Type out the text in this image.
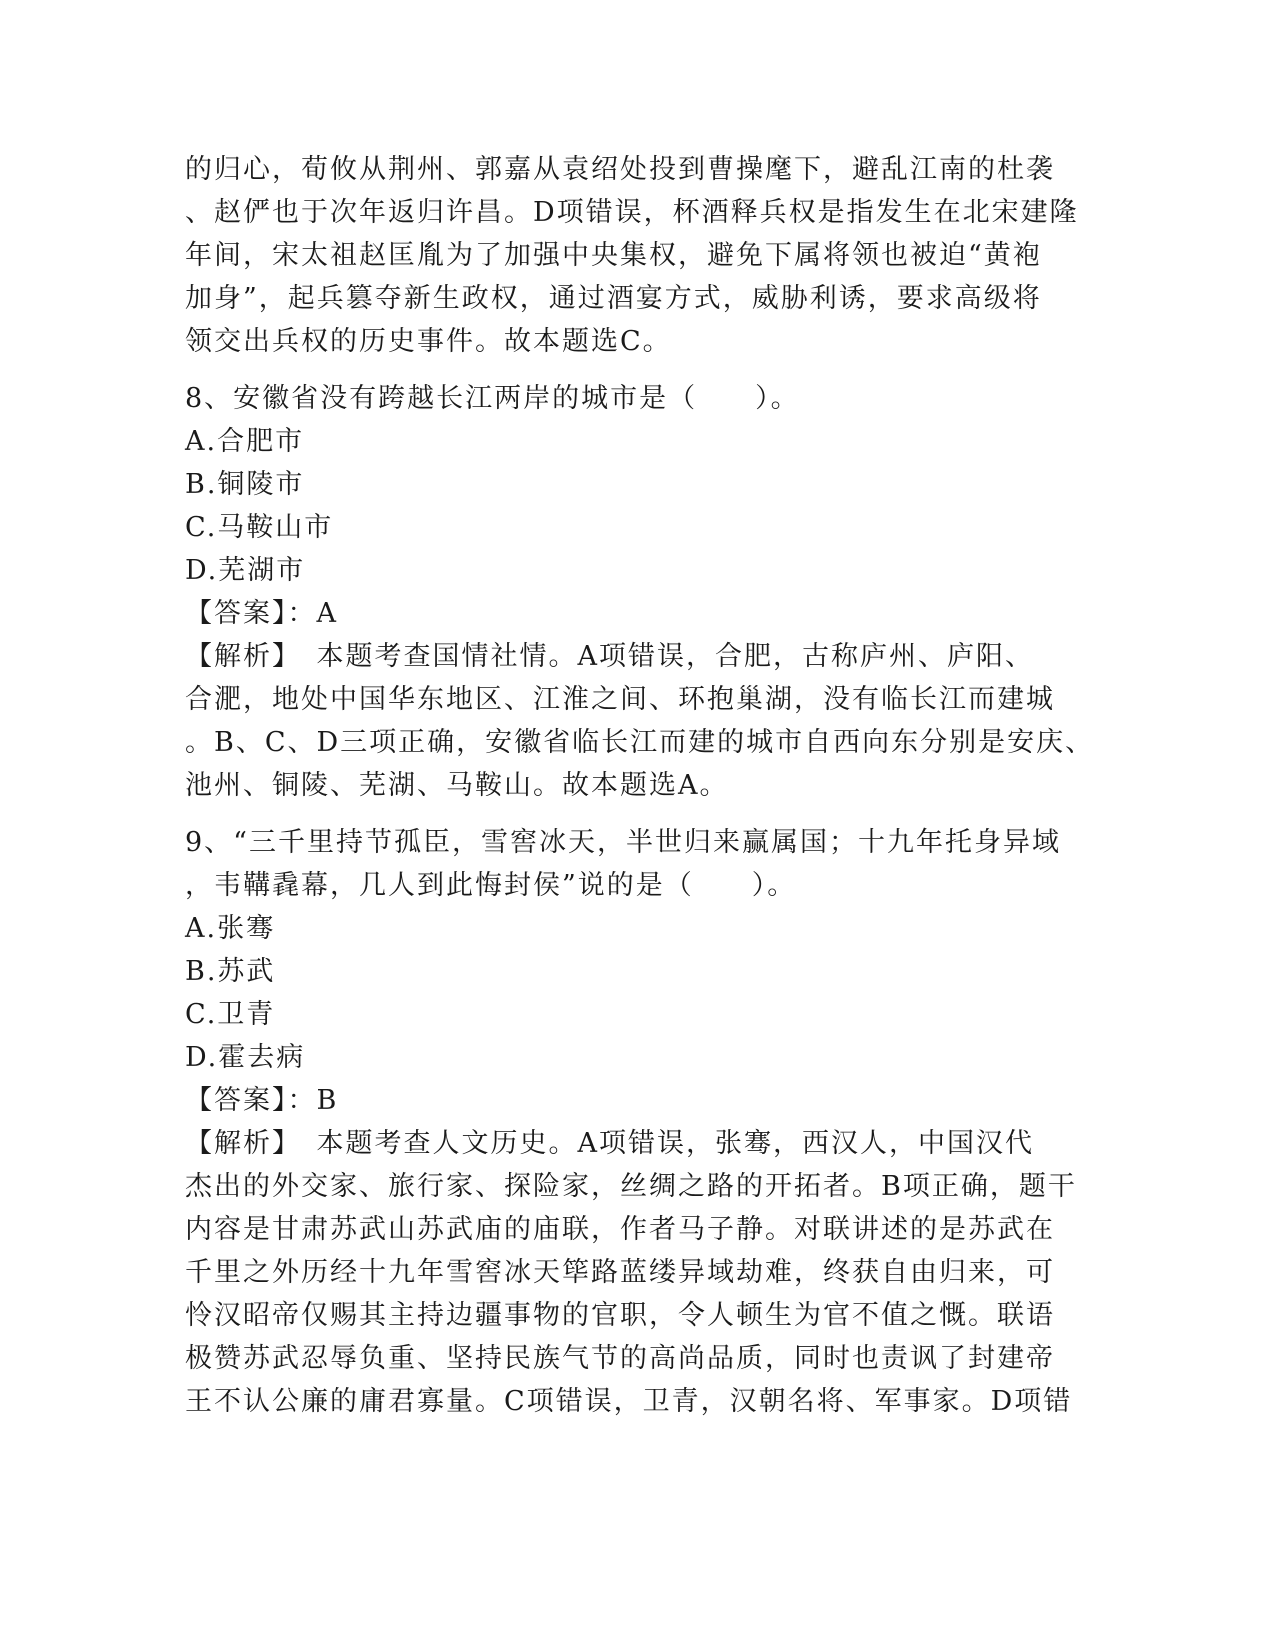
的归心，荀攸从荆州、郭嘉从袁绍处投到曹操麾下，避乱江南的杜袭
、赵俨也于次年返归许昌。D项错误，杯酒释兵权是指发生在北宋建隆
年间，宋太祖赵匡胤为了加强中央集权，避免下属将领也被迫“黄袍
加身”，起兵篡夺新生政权，通过酒宴方式，威胁利诱，要求高级将
领交出兵权的历史事件。故本题选C。
8、安徽省没有跨越长江两岸的城市是（　　）。
A.合肥市
B.铜陵市
C.马鞍山市
D.芜湖市
【答案】：A
【解析】　本题考查国情社情。A项错误，合肥，古称庐州、庐阳、
合淝，地处中国华东地区、江淮之间、环抱巢湖，没有临长江而建城
。B、C、D三项正确，安徽省临长江而建的城市自西向东分别是安庆、
池州、铜陵、芜湖、马鞍山。故本题选A。
9、“三千里持节孤臣，雪窖冰天，半世归来赢属国；十九年托身异域
，韦鞲毳幕，几人到此悔封侯”说的是（　　）。
A.张骞
B.苏武
C.卫青
D.霍去病
【答案】：B
【解析】　本题考查人文历史。A项错误，张骞，西汉人，中国汉代
杰出的外交家、旅行家、探险家，丝绸之路的开拓者。B项正确，题干
内容是甘肃苏武山苏武庙的庙联，作者马子静。对联讲述的是苏武在
千里之外历经十九年雪窖冰天筚路蓝缕异域劫难，终获自由归来，可
怜汉昭帝仅赐其主持边疆事物的官职，令人顿生为官不值之慨。联语
极赞苏武忍辱负重、坚持民族气节的高尚品质，同时也责讽了封建帝
王不认公廉的庸君寡量。C项错误，卫青，汉朝名将、军事家。D项错
